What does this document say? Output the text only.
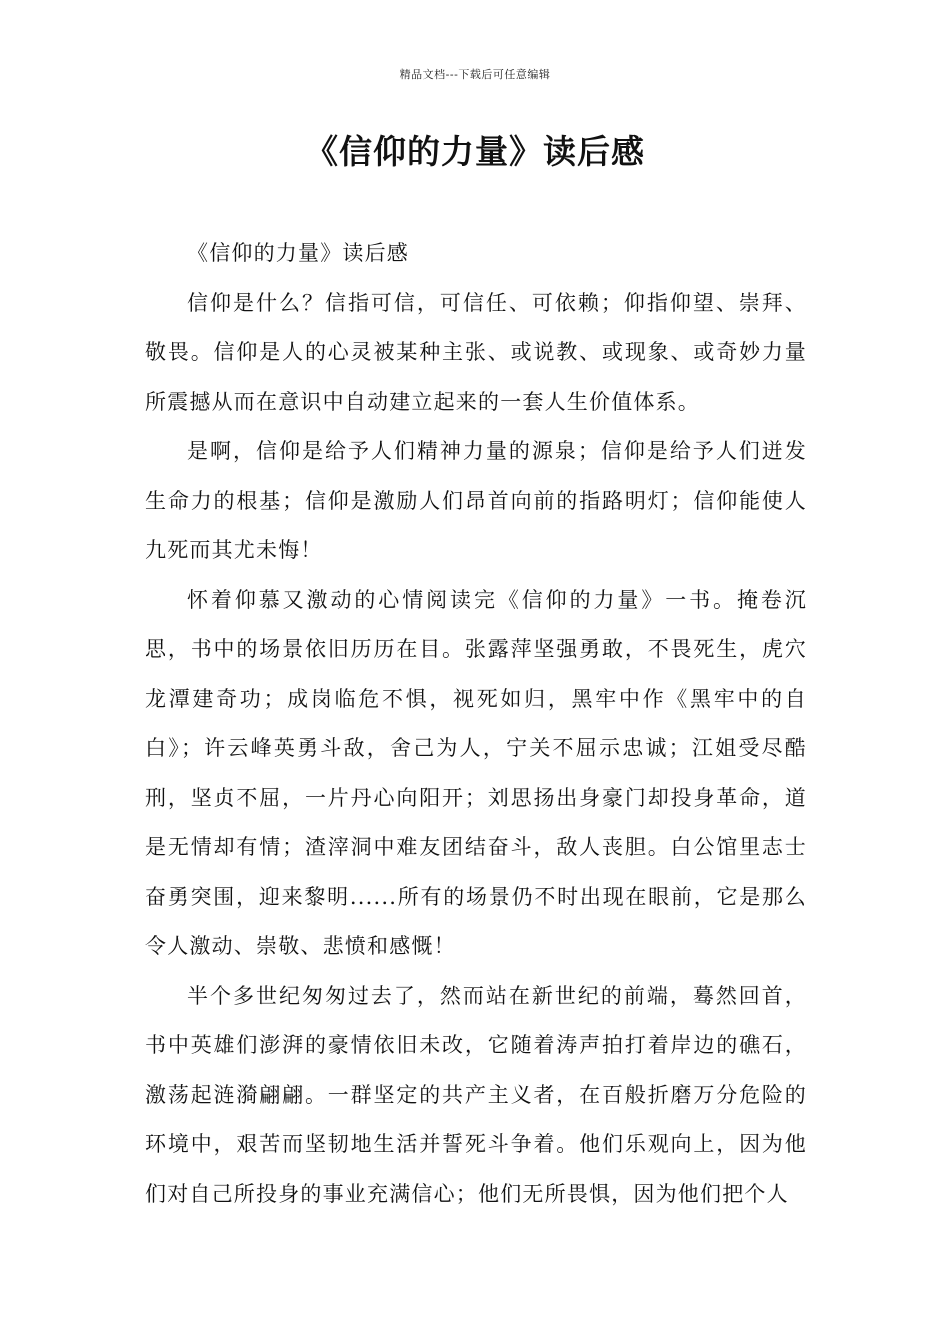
精品文档---下载后可任意编辑
《信仰的力量》读后感

《信仰的力量》读后感

信仰是什么？信指可信，可信任、可依赖；仰指仰望、崇拜、敬畏。信仰是人的心灵被某种主张、或说教、或现象、或奇妙力量所震撼从而在意识中自动建立起来的一套人生价值体系。

是啊，信仰是给予人们精神力量的源泉；信仰是给予人们迸发生命力的根基；信仰是激励人们昂首向前的指路明灯；信仰能使人九死而其尤未悔！

怀着仰慕又激动的心情阅读完《信仰的力量》一书。掩卷沉思，书中的场景依旧历历在目。张露萍坚强勇敢，不畏死生，虎穴龙潭建奇功；成岗临危不惧，视死如归，黑牢中作《黑牢中的自白》；许云峰英勇斗敌，舍己为人，宁关不屈示忠诚；江姐受尽酷刑，坚贞不屈，一片丹心向阳开；刘思扬出身豪门却投身革命，道是无情却有情；渣滓洞中难友团结奋斗，敌人丧胆。白公馆里志士奋勇突围，迎来黎明......所有的场景仍不时出现在眼前，它是那么令人激动、崇敬、悲愤和感慨！

半个多世纪匆匆过去了，然而站在新世纪的前端，蓦然回首，书中英雄们澎湃的豪情依旧未改，它随着涛声拍打着岸边的礁石，激荡起涟漪翩翩。一群坚定的共产主义者，在百般折磨万分危险的环境中，艰苦而坚韧地生活并誓死斗争着。他们乐观向上，因为他们对自己所投身的事业充满信心；他们无所畏惧，因为他们把个人
